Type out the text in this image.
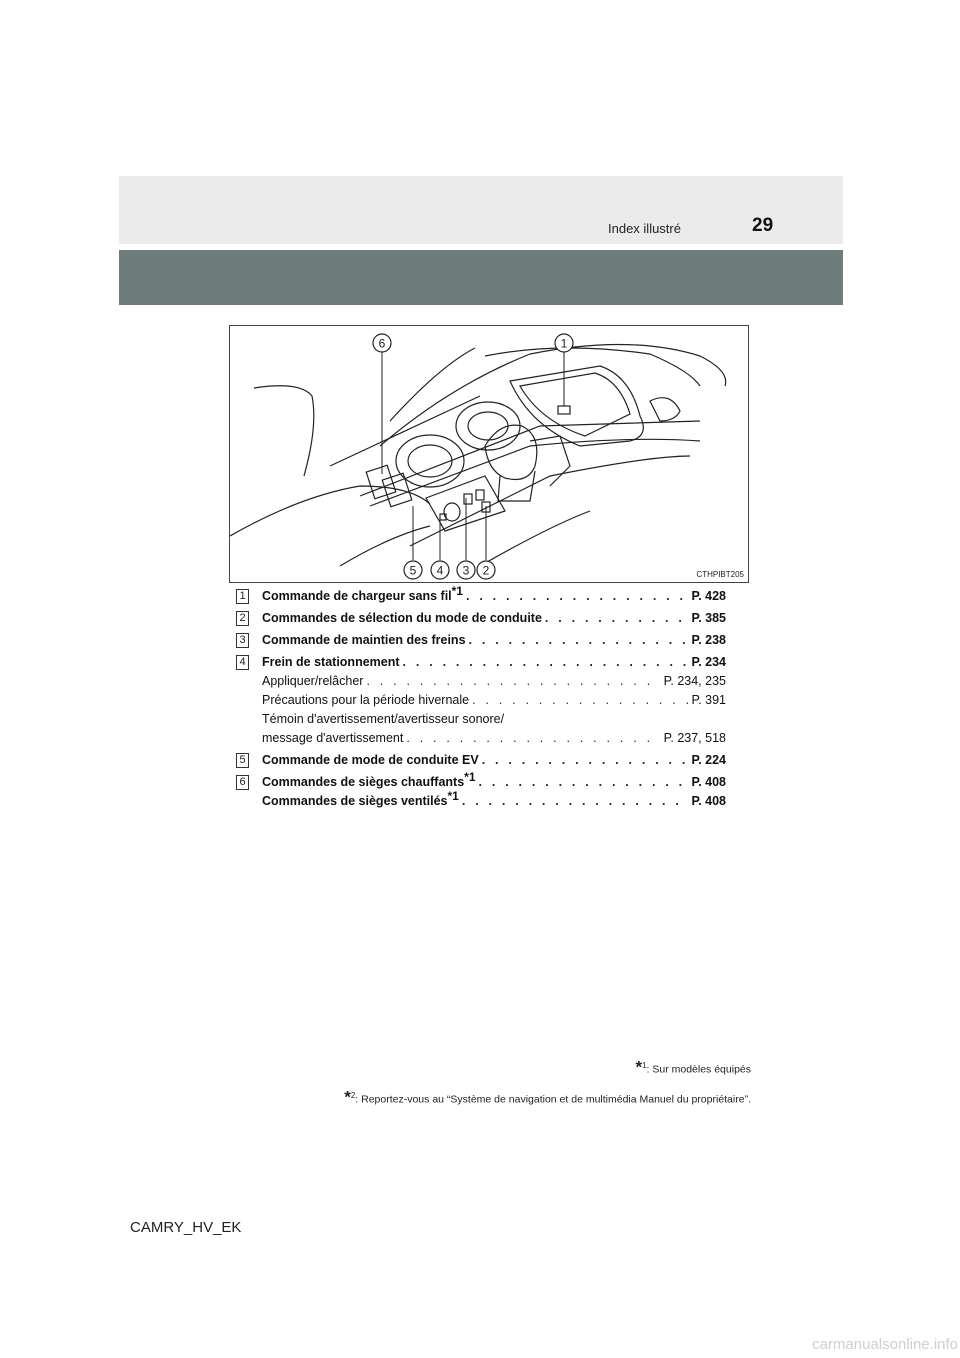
Index illustré	29
6	1
5 4 3 2	CTHPIBT205
1 Commande de chargeur sans fil$^{*1}$ . . .	P. 428
2 Commandes de sélection du mode de conduite . . .	P. 385
3 Commande de maintien des freins . . .	P. 238
4 Frein de stationnement . . .	P. 234
Appliquer/relâcher . . .	P. 234, 235
Précautions pour la période hivernale . . .	P. 391
Témoin d'avertissement/avertisseur sonore/
message d'avertissement . . .	P. 237, 518
5 Commande de mode de conduite EV . . .	P. 224
6 Commandes de sièges chauffants$^{*1}$ . . .	P. 408
Commandes de sièges ventilés$^{*1}$ . . .	P. 408
*$^1$: Sur modèles équipés
*$^2$: Reportez-vous au “Système de navigation et de multimédia Manuel du propriétaire”.
CAMRY_HV_EK
carmanualsonline.info
